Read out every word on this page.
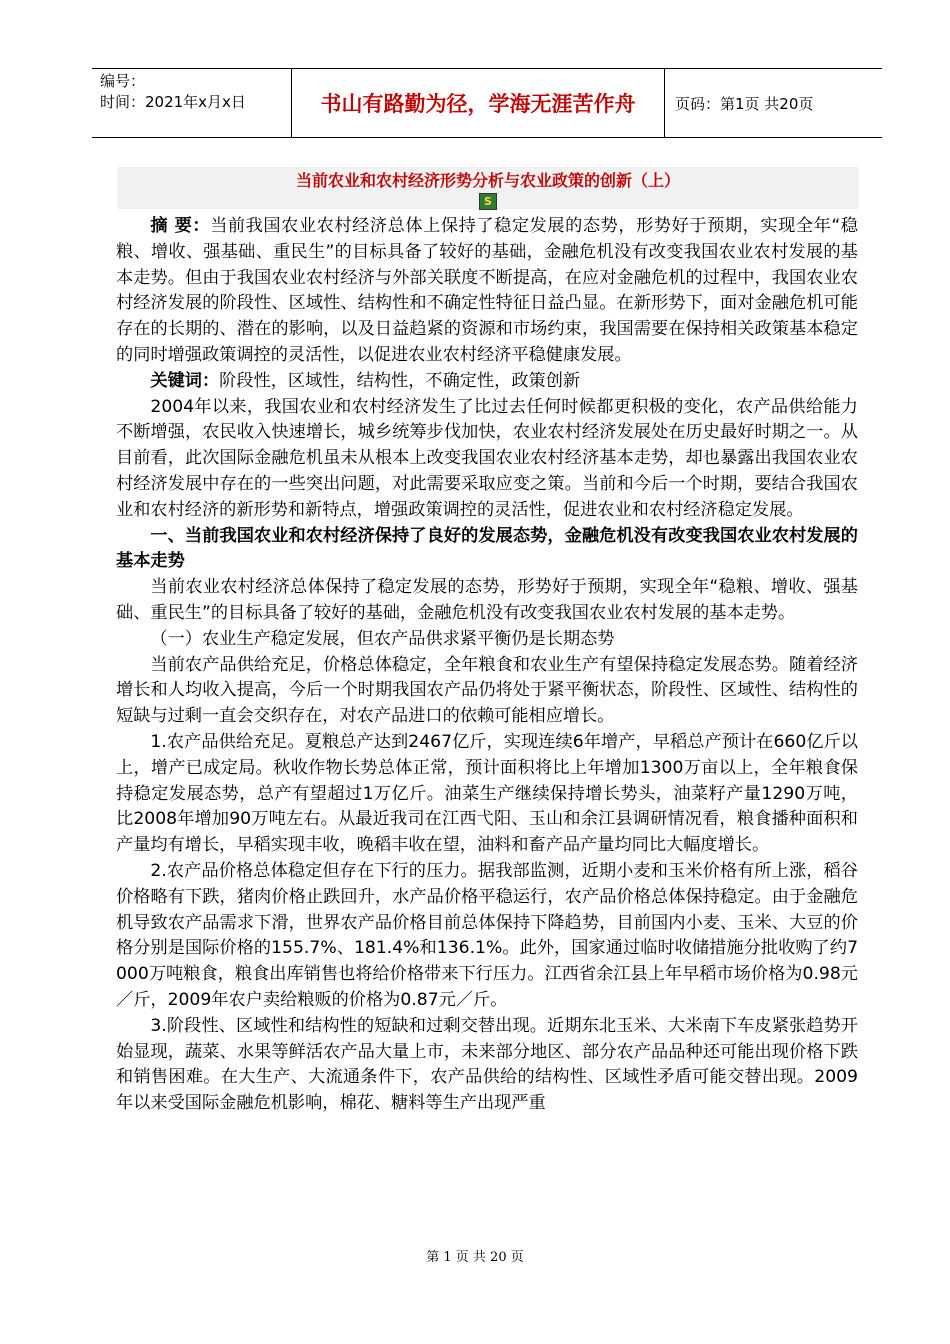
编号：
时间：2021年x月x日	书山有路勤为径，学海无涯苦作舟	页码：第1页 共20页
当前农业和农村经济形势分析与农业政策的创新（上）
S

摘 要：当前我国农业农村经济总体上保持了稳定发展的态势，形势好于预期，实现全年“稳粮、增收、强基础、重民生”的目标具备了较好的基础，金融危机没有改变我国农业农村发展的基本走势。但由于我国农业农村经济与外部关联度不断提高，在应对金融危机的过程中，我国农业农村经济发展的阶段性、区域性、结构性和不确定性特征日益凸显。在新形势下，面对金融危机可能存在的长期的、潜在的影响，以及日益趋紧的资源和市场约束，我国需要在保持相关政策基本稳定的同时增强政策调控的灵活性，以促进农业农村经济平稳健康发展。

关键词：阶段性，区域性，结构性，不确定性，政策创新

2004年以来，我国农业和农村经济发生了比过去任何时候都更积极的变化，农产品供给能力不断增强，农民收入快速增长，城乡统筹步伐加快，农业农村经济发展处在历史最好时期之一。从目前看，此次国际金融危机虽未从根本上改变我国农业农村经济基本走势，却也暴露出我国农业农村经济发展中存在的一些突出问题，对此需要采取应变之策。当前和今后一个时期，要结合我国农业和农村经济的新形势和新特点，增强政策调控的灵活性，促进农业和农村经济稳定发展。

一、当前我国农业和农村经济保持了良好的发展态势，金融危机没有改变我国农业农村发展的基本走势

当前农业农村经济总体保持了稳定发展的态势，形势好于预期，实现全年“稳粮、增收、强基础、重民生”的目标具备了较好的基础，金融危机没有改变我国农业农村发展的基本走势。

（一）农业生产稳定发展，但农产品供求紧平衡仍是长期态势

当前农产品供给充足，价格总体稳定，全年粮食和农业生产有望保持稳定发展态势。随着经济增长和人均收入提高，今后一个时期我国农产品仍将处于紧平衡状态，阶段性、区域性、结构性的短缺与过剩一直会交织存在，对农产品进口的依赖可能相应增长。

1.农产品供给充足。夏粮总产达到2467亿斤，实现连续6年增产，早稻总产预计在660亿斤以上，增产已成定局。秋收作物长势总体正常，预计面积将比上年增加1300万亩以上，全年粮食保持稳定发展态势，总产有望超过1万亿斤。油菜生产继续保持增长势头，油菜籽产量1290万吨，比2008年增加90万吨左右。从最近我司在江西弋阳、玉山和余江县调研情况看，粮食播种面积和产量均有增长，早稻实现丰收，晚稻丰收在望，油料和畜产品产量均同比大幅度增长。

2.农产品价格总体稳定但存在下行的压力。据我部监测，近期小麦和玉米价格有所上涨，稻谷价格略有下跌，猪肉价格止跌回升，水产品价格平稳运行，农产品价格总体保持稳定。由于金融危机导致农产品需求下滑，世界农产品价格目前总体保持下降趋势，目前国内小麦、玉米、大豆的价格分别是国际价格的155.7%、181.4%和136.1%。此外，国家通过临时收储措施分批收购了约7000万吨粮食，粮食出库销售也将给价格带来下行压力。江西省余江县上年早稻市场价格为0.98元／斤，2009年农户卖给粮贩的价格为0.87元／斤。

3.阶段性、区域性和结构性的短缺和过剩交替出现。近期东北玉米、大米南下车皮紧张趋势开始显现，蔬菜、水果等鲜活农产品大量上市，未来部分地区、部分农产品品种还可能出现价格下跌和销售困难。在大生产、大流通条件下，农产品供给的结构性、区域性矛盾可能交替出现。2009年以来受国际金融危机影响，棉花、糖料等生产出现严重

第 1 页 共 20 页
